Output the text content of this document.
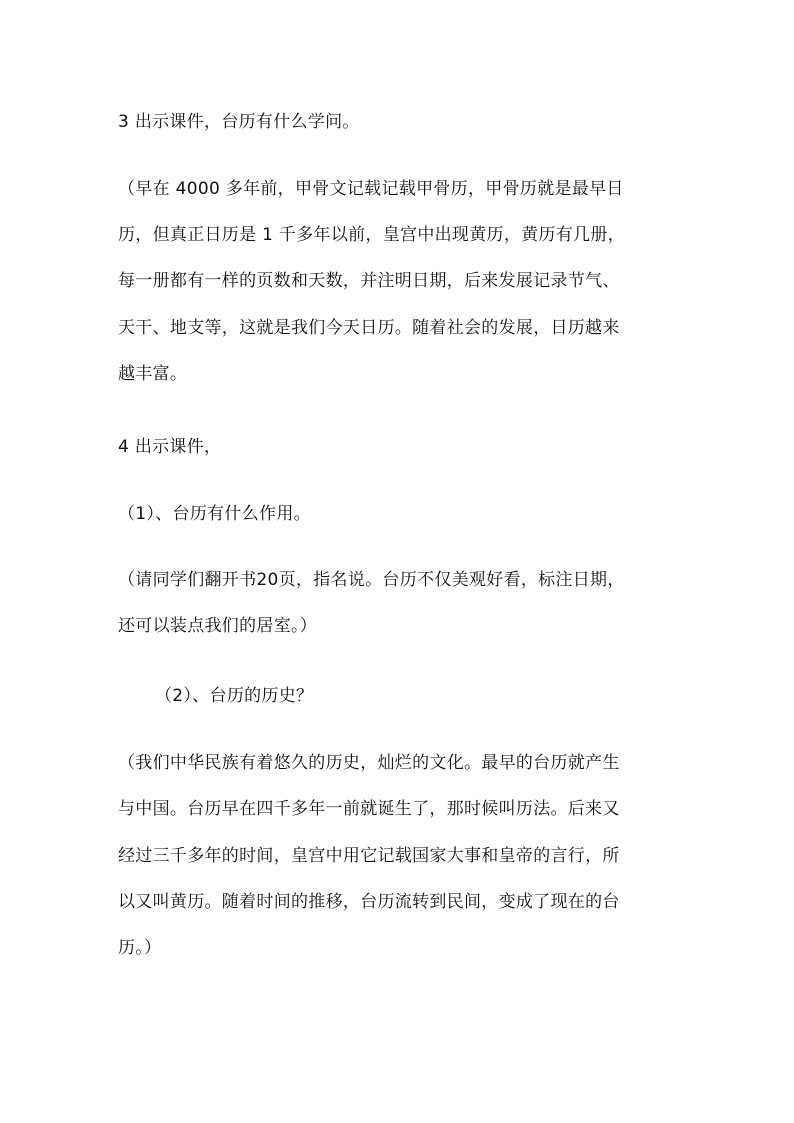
3 出示课件，台历有什么学问。
（早在 4000 多年前，甲骨文记载记载甲骨历，甲骨历就是最早日
历，但真正日历是 1 千多年以前，皇宫中出现黄历，黄历有几册，
每一册都有一样的页数和天数，并注明日期，后来发展记录节气、
天干、地支等，这就是我们今天日历。随着社会的发展，日历越来
越丰富。
4 出示课件，
（1）、台历有什么作用。
（请同学们翻开书20页，指名说。台历不仅美观好看，标注日期，
还可以装点我们的居室。）
（2）、台历的历史？
（我们中华民族有着悠久的历史，灿烂的文化。最早的台历就产生
与中国。台历早在四千多年一前就诞生了，那时候叫历法。后来又
经过三千多年的时间，皇宫中用它记载国家大事和皇帝的言行，所
以又叫黄历。随着时间的推移，台历流转到民间，变成了现在的台
历。）
